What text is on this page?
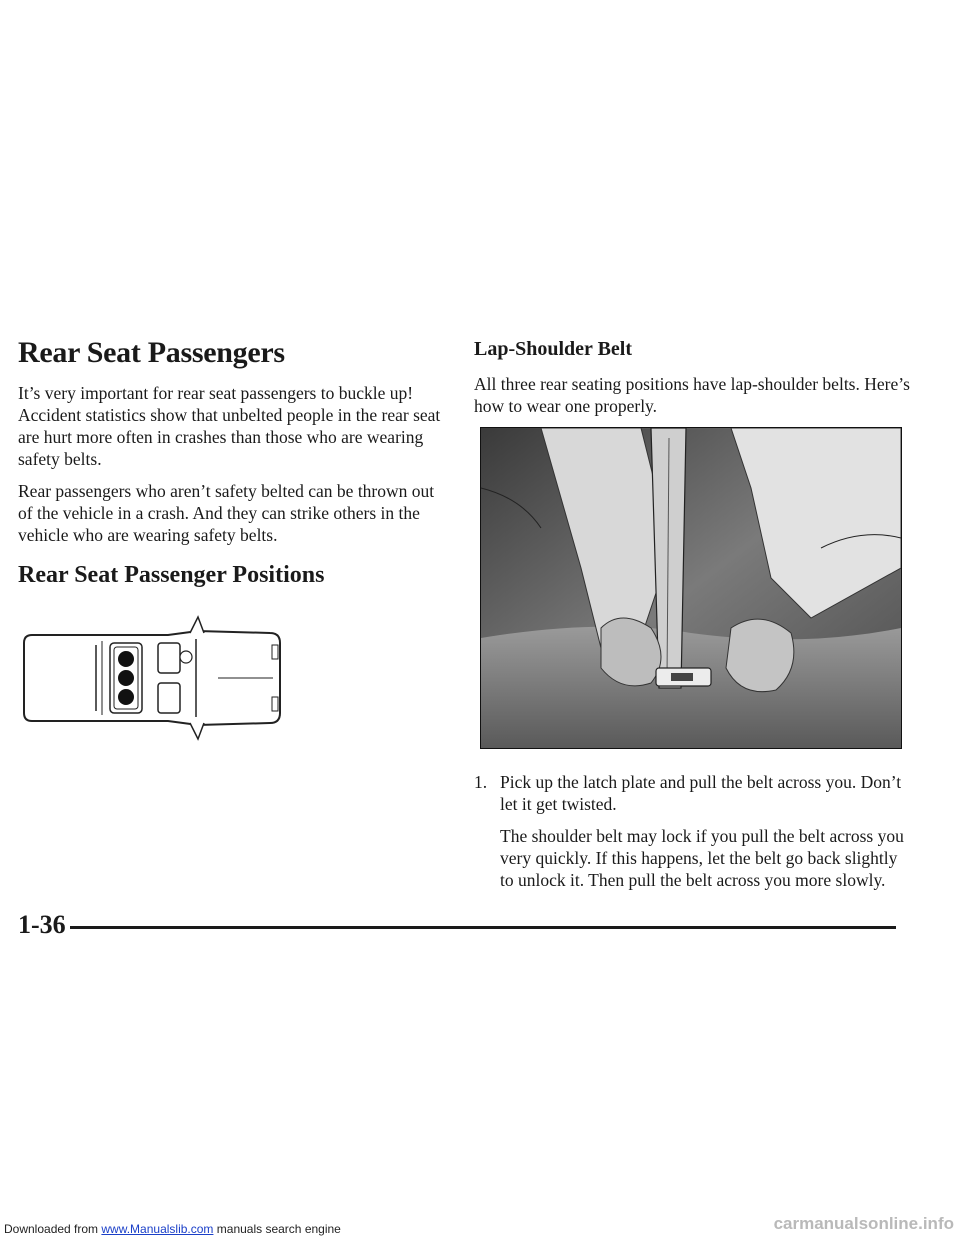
Rear Seat Passengers

It’s very important for rear seat passengers to buckle up! Accident statistics show that unbelted people in the rear seat are hurt more often in crashes than those who are wearing safety belts.

Rear passengers who aren’t safety belted can be thrown out of the vehicle in a crash. And they can strike others in the vehicle who are wearing safety belts.

Rear Seat Passenger Positions
Lap-Shoulder Belt

All three rear seating positions have lap-shoulder belts. Here’s how to wear one properly.

1. Pick up the latch plate and pull the belt across you. Don’t let it get twisted.

The shoulder belt may lock if you pull the belt across you very quickly. If this happens, let the belt go back slightly to unlock it. Then pull the belt across you more slowly.

1-36
Downloaded from www.Manualslib.com manuals search engine	carmanualsonline.info
